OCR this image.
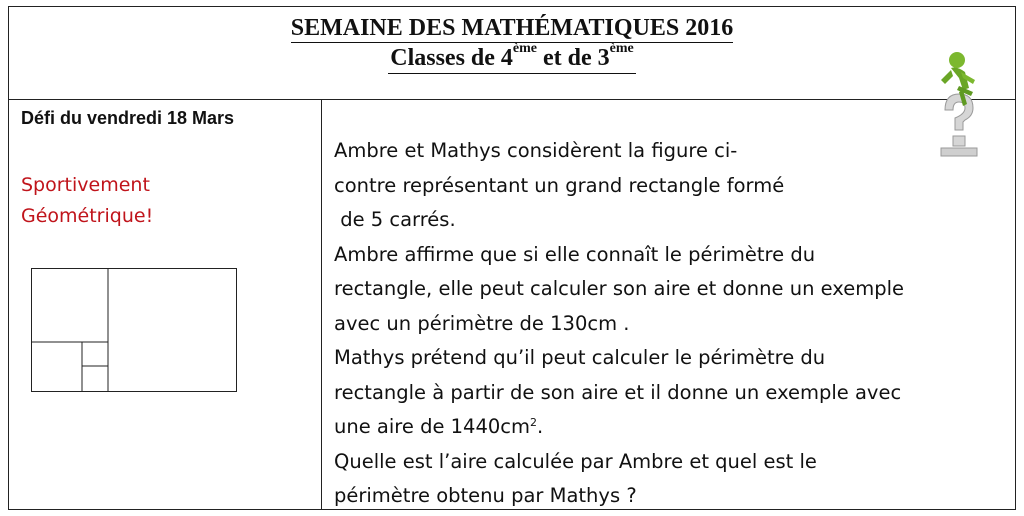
SEMAINE DES MATHÉMATIQUES 2016
Classes de 4ème et de 3ème
Défi du vendredi 18 Mars
Sportivement
Géométrique!

Ambre et Mathys considèrent la figure ci-

contre représentant un grand rectangle formé

de 5 carrés.

Ambre affirme que si elle connaît le périmètre du

rectangle, elle peut calculer son aire et donne un exemple

avec un périmètre de 130cm .

Mathys prétend qu’il peut calculer le périmètre du

rectangle à partir de son aire et il donne un exemple avec

une aire de $1440cm^2$.

Quelle est l’aire calculée par Ambre et quel est le

périmètre obtenu par Mathys ?
